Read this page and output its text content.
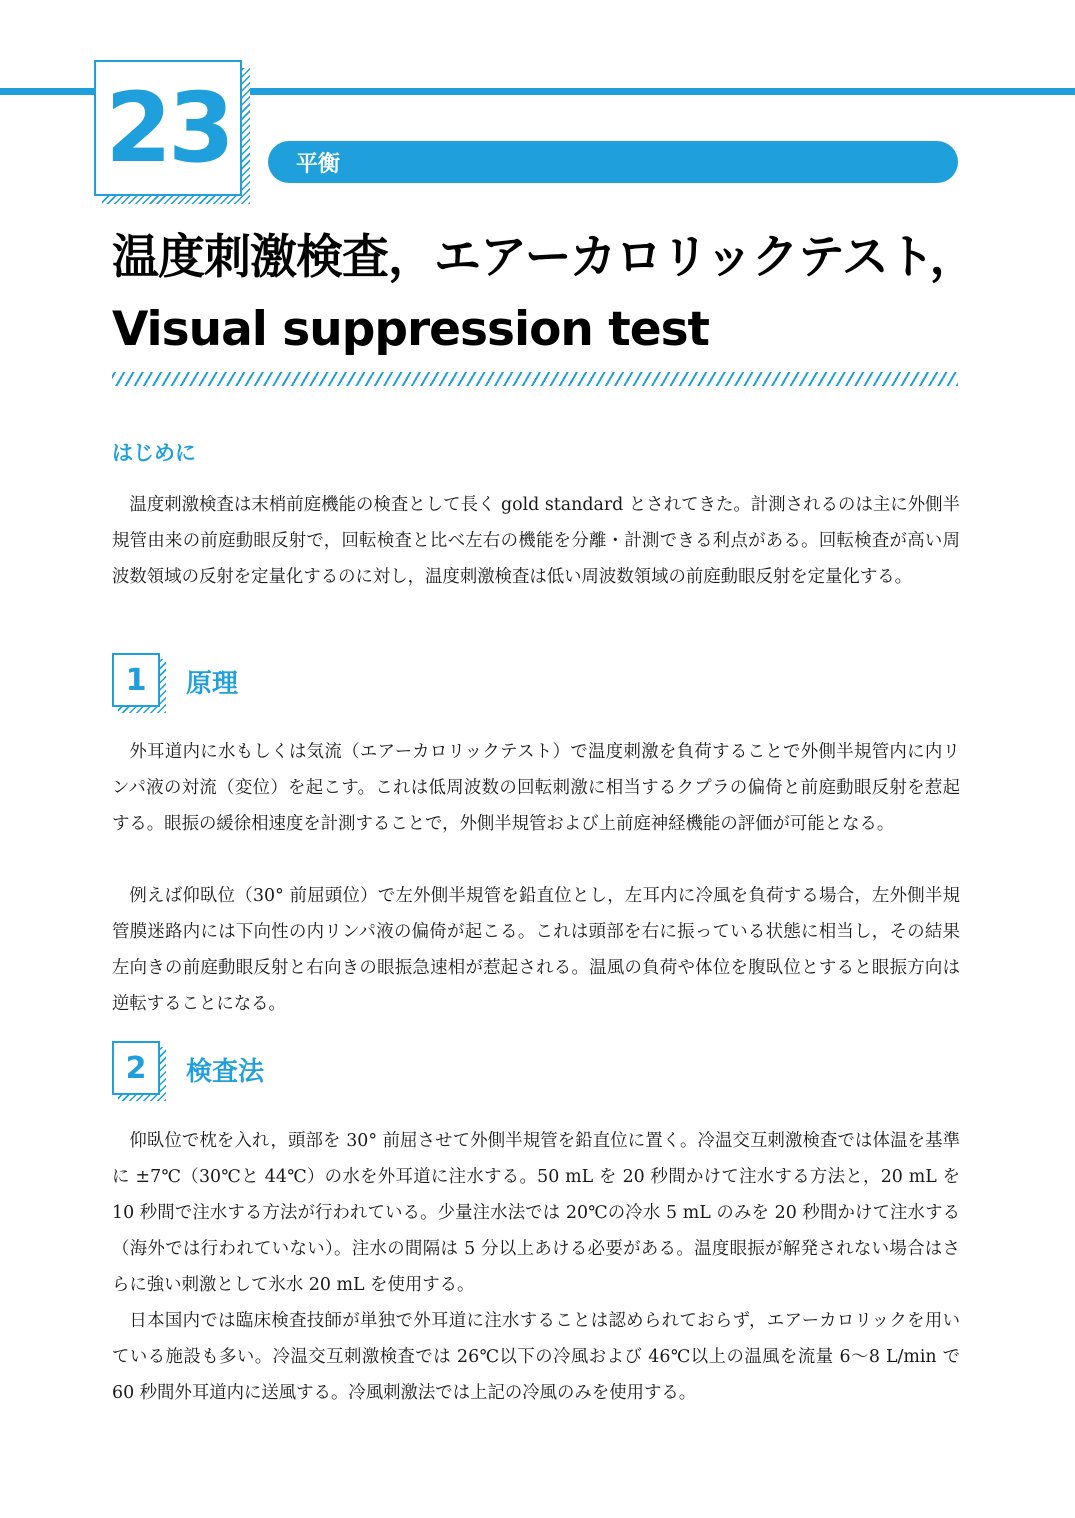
23	平衡
温度刺激検査，エアーカロリックテスト，
Visual suppression test
はじめに

温度刺激検査は末梢前庭機能の検査として長く gold standard とされてきた。計測されるのは主に外側半規管由来の前庭動眼反射で，回転検査と比べ左右の機能を分離・計測できる利点がある。回転検査が高い周波数領域の反射を定量化するのに対し，温度刺激検査は低い周波数領域の前庭動眼反射を定量化する。

1 原理

外耳道内に水もしくは気流（エアーカロリックテスト）で温度刺激を負荷することで外側半規管内に内リンパ液の対流（変位）を起こす。これは低周波数の回転刺激に相当するクプラの偏倚と前庭動眼反射を惹起する。眼振の緩徐相速度を計測することで，外側半規管および上前庭神経機能の評価が可能となる。

例えば仰臥位（30° 前屈頭位）で左外側半規管を鉛直位とし，左耳内に冷風を負荷する場合，左外側半規管膜迷路内には下向性の内リンパ液の偏倚が起こる。これは頭部を右に振っている状態に相当し，その結果左向きの前庭動眼反射と右向きの眼振急速相が惹起される。温風の負荷や体位を腹臥位とすると眼振方向は逆転することになる。

2 検査法

仰臥位で枕を入れ，頭部を 30° 前屈させて外側半規管を鉛直位に置く。冷温交互刺激検査では体温を基準に ±7℃（30℃と 44℃）の水を外耳道に注水する。50 mL を 20 秒間かけて注水する方法と，20 mL を 10 秒間で注水する方法が行われている。少量注水法では 20℃の冷水 5 mL のみを 20 秒間かけて注水する（海外では行われていない）。注水の間隔は 5 分以上あける必要がある。温度眼振が解発されない場合はさらに強い刺激として氷水 20 mL を使用する。

日本国内では臨床検査技師が単独で外耳道に注水することは認められておらず，エアーカロリックを用いている施設も多い。冷温交互刺激検査では 26℃以下の冷風および 46℃以上の温風を流量 6～8 L/min で 60 秒間外耳道内に送風する。冷風刺激法では上記の冷風のみを使用する。
